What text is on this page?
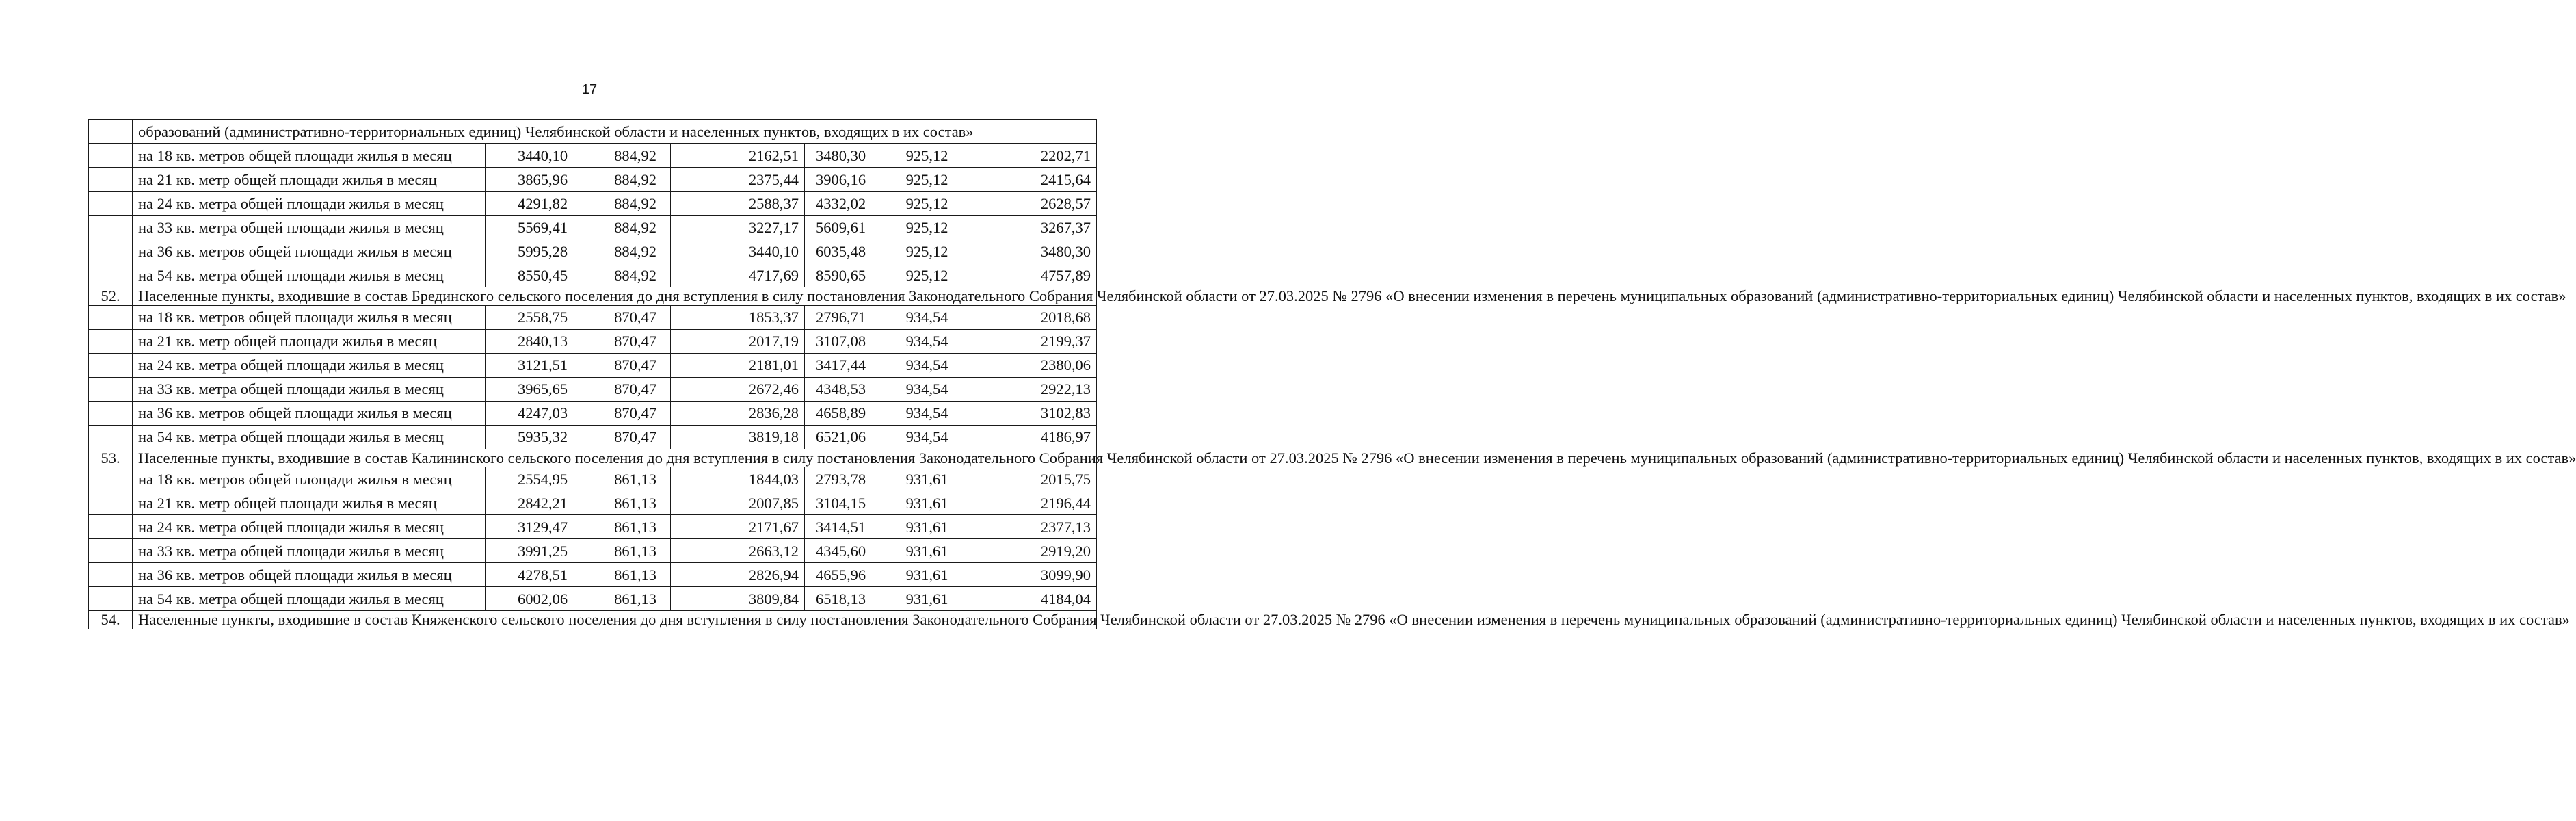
17
	образований (административно-территориальных единиц) Челябинской области и населенных пунктов, входящих в их состав»						
	на 18 кв. метров общей площади жилья в месяц	3440,10	884,92	2162,51	3480,30	925,12	2202,71
	на 21 кв. метр общей площади жилья в месяц	3865,96	884,92	2375,44	3906,16	925,12	2415,64
	на 24 кв. метра общей площади жилья в месяц	4291,82	884,92	2588,37	4332,02	925,12	2628,57
	на 33 кв. метра общей площади жилья в месяц	5569,41	884,92	3227,17	5609,61	925,12	3267,37
	на 36 кв. метров общей площади жилья в месяц	5995,28	884,92	3440,10	6035,48	925,12	3480,30
	на 54 кв. метра общей площади жилья в месяц	8550,45	884,92	4717,69	8590,65	925,12	4757,89
52.	Населенные пункты, входившие в состав Брединского сельского поселения до дня вступления в силу постановления Законодательного Собрания Челябинской области от 27.03.2025 № 2796 «О внесении изменения в перечень муниципальных образований (административно-территориальных единиц) Челябинской области и населенных пунктов, входящих в их состав»						
	на 18 кв. метров общей площади жилья в месяц	2558,75	870,47	1853,37	2796,71	934,54	2018,68
	на 21 кв. метр общей площади жилья в месяц	2840,13	870,47	2017,19	3107,08	934,54	2199,37
	на 24 кв. метра общей площади жилья в месяц	3121,51	870,47	2181,01	3417,44	934,54	2380,06
	на 33 кв. метра общей площади жилья в месяц	3965,65	870,47	2672,46	4348,53	934,54	2922,13
	на 36 кв. метров общей площади жилья в месяц	4247,03	870,47	2836,28	4658,89	934,54	3102,83
	на 54 кв. метра общей площади жилья в месяц	5935,32	870,47	3819,18	6521,06	934,54	4186,97
53.	Населенные пункты, входившие в состав Калининского сельского поселения до дня вступления в силу постановления Законодательного Собрания Челябинской области от 27.03.2025 № 2796 «О внесении изменения в перечень муниципальных образований (административно-территориальных единиц) Челябинской области и населенных пунктов, входящих в их состав»						
	на 18 кв. метров общей площади жилья в месяц	2554,95	861,13	1844,03	2793,78	931,61	2015,75
	на 21 кв. метр общей площади жилья в месяц	2842,21	861,13	2007,85	3104,15	931,61	2196,44
	на 24 кв. метра общей площади жилья в месяц	3129,47	861,13	2171,67	3414,51	931,61	2377,13
	на 33 кв. метра общей площади жилья в месяц	3991,25	861,13	2663,12	4345,60	931,61	2919,20
	на 36 кв. метров общей площади жилья в месяц	4278,51	861,13	2826,94	4655,96	931,61	3099,90
	на 54 кв. метра общей площади жилья в месяц	6002,06	861,13	3809,84	6518,13	931,61	4184,04
54.	Населенные пункты, входившие в состав Княженского сельского поселения до дня вступления в силу постановления Законодательного Собрания Челябинской области от 27.03.2025 № 2796 «О внесении изменения в перечень муниципальных образований (административно-территориальных единиц) Челябинской области и населенных пунктов, входящих в их состав»						
